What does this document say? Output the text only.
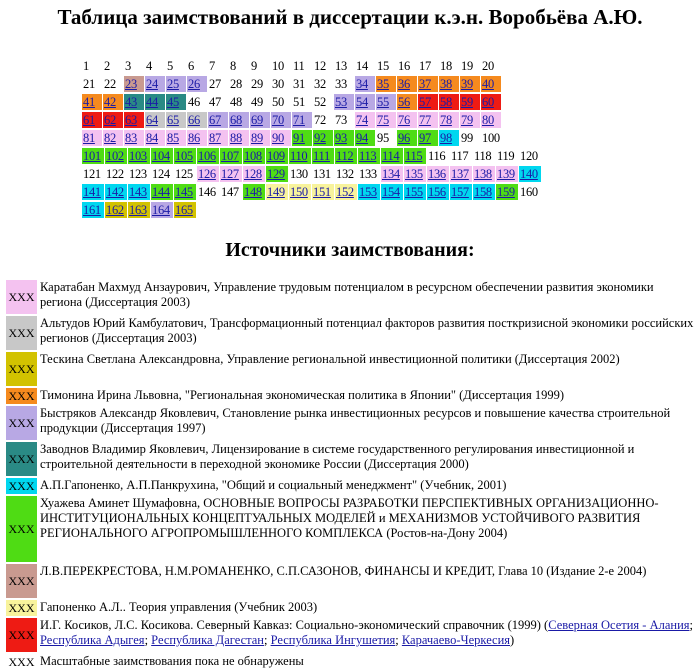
Таблица заимствований в диссертации к.э.н. Воробьёва А.Ю.
1 2 3 4 5 6 7 8 9 10 11 12 13 14 15 16 17 18 19 20
21 22 23 24 25 26 27 28 29 30 31 32 33 34 35 36 37 38 39 40
41 42 43 44 45 46 47 48 49 50 51 52 53 54 55 56 57 58 59 60
61 62 63 64 65 66 67 68 69 70 71 72 73 74 75 76 77 78 79 80
81 82 83 84 85 86 87 88 89 90 91 92 93 94 95 96 97 98 99 100
101 102 103 104 105 106 107 108 109 110 111 112 113 114 115 116 117 118 119 120
121 122 123 124 125 126 127 128 129 130 131 132 133 134 135 136 137 138 139 140
141 142 143 144 145 146 147 148 149 150 151 152 153 154 155 156 157 158 159 160
161 162 163 164 165
Источники заимствования:
XXX
Каратабан Махмуд Анзаурович, Управление трудовым потенциалом в ресурсном обеспечении развития экономики региона (Диссертация 2003)
XXX
Альтудов Юрий Камбулатович, Трансформационный потенциал факторов развития посткризисной экономики российских регионов (Диссертация 2003)
XXX
Тескина Светлана Александровна, Управление региональной инвестиционной политики (Диссертация 2002)
XXX Тимонина Ирина Львовна, "Региональная экономическая политика в Японии" (Диссертация 1999)
XXX
Быстряков Александр Яковлевич, Становление рынка инвестиционных ресурсов и повышение качества строительной продукции (Диссертация 1997)
XXX
Заводнов Владимир Яковлевич, Лицензирование в системе государственного регулирования инвестиционной и строительной деятельности в переходной экономике России (Диссертация 2000)
XXX А.П.Гапоненко, А.П.Панкрухина, "Общий и социальный менеджмент" (Учебник, 2001)
XXX
Хуажева Аминет Шумафовна, ОСНОВНЫЕ ВОПРОСЫ РАЗРАБОТКИ ПЕРСПЕКТИВНЫХ ОРГАНИЗАЦИОННО-ИНСТИТУЦИОНАЛЬНЫХ КОНЦЕПТУАЛЬНЫХ МОДЕЛЕЙ и МЕХАНИЗМОВ УСТОЙЧИВОГО РАЗВИТИЯ РЕГИОНАЛЬНОГО АГРОПРОМЫШЛЕННОГО КОМПЛЕКСА (Ростов-на-Дону 2004)
XXX
Л.В.ПЕРЕКРЕСТОВА, Н.М.РОМАНЕНКО, С.П.САЗОНОВ, ФИНАНСЫ И КРЕДИТ, Глава 10 (Издание 2-е 2004)
XXX Гапоненко А.Л.. Теория управления (Учебник 2003)
XXX
И.Г. Косиков, Л.С. Косикова. Северный Кавказ: Социально-экономический справочник (1999) (Северная Осетия - Алания; Республика Адыгея; Республика Дагестан; Республика Ингушетия; Карачаево-Черкесия)
XXX Масштабные заимствования пока не обнаружены
